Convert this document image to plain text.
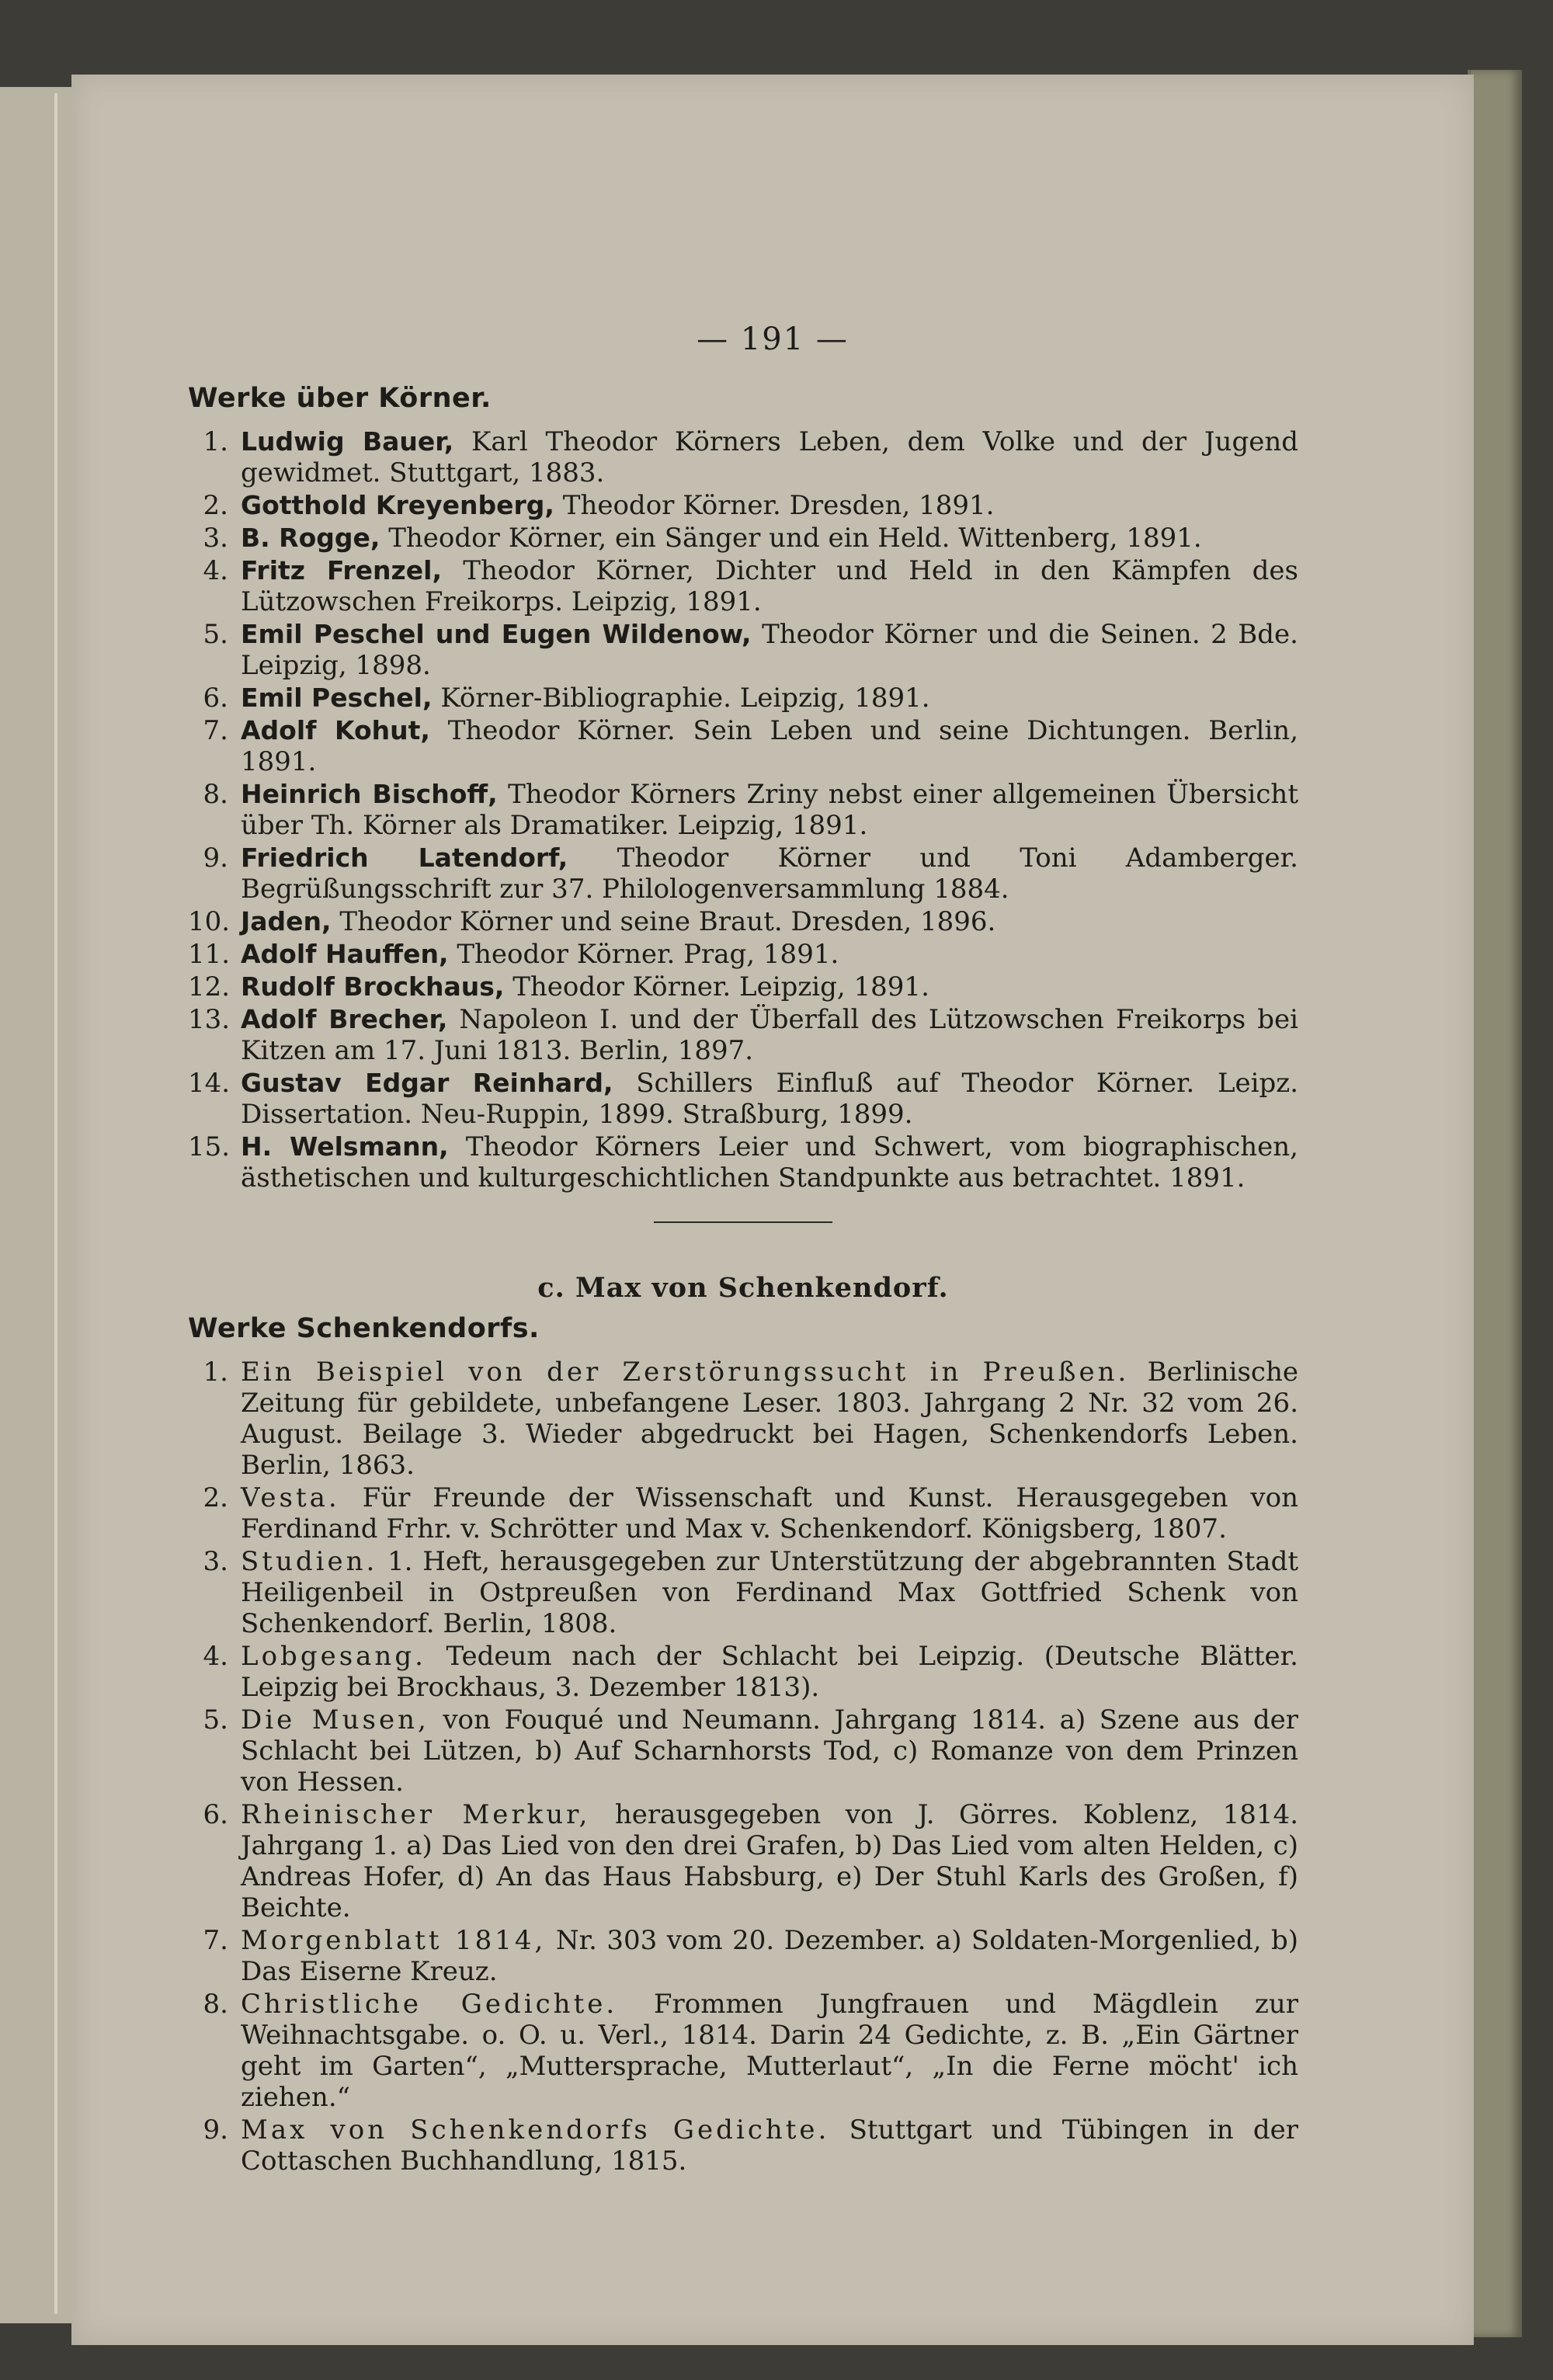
— 191 —
Werke über Körner.
1. Ludwig Bauer, Karl Theodor Körners Leben, dem Volke und der Jugend gewidmet. Stuttgart, 1883.
2. Gotthold Kreyenberg, Theodor Körner. Dresden, 1891.
3. B. Rogge, Theodor Körner, ein Sänger und ein Held. Wittenberg, 1891.
4. Fritz Frenzel, Theodor Körner, Dichter und Held in den Kämpfen des Lützowschen Freikorps. Leipzig, 1891.
5. Emil Peschel und Eugen Wildenow, Theodor Körner und die Seinen. 2 Bde. Leipzig, 1898.
6. Emil Peschel, Körner-Bibliographie. Leipzig, 1891.
7. Adolf Kohut, Theodor Körner. Sein Leben und seine Dichtungen. Berlin, 1891.
8. Heinrich Bischoff, Theodor Körners Zriny nebst einer allgemeinen Übersicht über Th. Körner als Dramatiker. Leipzig, 1891.
9. Friedrich Latendorf, Theodor Körner und Toni Adamberger. Begrüßungsschrift zur 37. Philologenversammlung 1884.
10. Jaden, Theodor Körner und seine Braut. Dresden, 1896.
11. Adolf Hauffen, Theodor Körner. Prag, 1891.
12. Rudolf Brockhaus, Theodor Körner. Leipzig, 1891.
13. Adolf Brecher, Napoleon I. und der Überfall des Lützowschen Freikorps bei Kitzen am 17. Juni 1813. Berlin, 1897.
14. Gustav Edgar Reinhard, Schillers Einfluß auf Theodor Körner. Leipz. Dissertation. Neu-Ruppin, 1899. Straßburg, 1899.
15. H. Welsmann, Theodor Körners Leier und Schwert, vom biographischen, ästhetischen und kulturgeschichtlichen Standpunkte aus betrachtet. 1891.
c. Max von Schenkendorf.
Werke Schenkendorfs.
1. Ein Beispiel von der Zerstörungssucht in Preußen. Berlinische Zeitung für gebildete, unbefangene Leser. 1803. Jahrgang 2 Nr. 32 vom 26. August. Beilage 3. Wieder abgedruckt bei Hagen, Schenkendorfs Leben. Berlin, 1863.
2. Vesta. Für Freunde der Wissenschaft und Kunst. Herausgegeben von Ferdinand Frhr. v. Schrötter und Max v. Schenkendorf. Königsberg, 1807.
3. Studien. 1. Heft, herausgegeben zur Unterstützung der abgebrannten Stadt Heiligenbeil in Ostpreußen von Ferdinand Max Gottfried Schenk von Schenkendorf. Berlin, 1808.
4. Lobgesang. Tedeum nach der Schlacht bei Leipzig. (Deutsche Blätter. Leipzig bei Brockhaus, 3. Dezember 1813).
5. Die Musen, von Fouqué und Neumann. Jahrgang 1814. a) Szene aus der Schlacht bei Lützen, b) Auf Scharnhorsts Tod, c) Romanze von dem Prinzen von Hessen.
6. Rheinischer Merkur, herausgegeben von J. Görres. Koblenz, 1814. Jahrgang 1. a) Das Lied von den drei Grafen, b) Das Lied vom alten Helden, c) Andreas Hofer, d) An das Haus Habsburg, e) Der Stuhl Karls des Großen, f) Beichte.
7. Morgenblatt 1814, Nr. 303 vom 20. Dezember. a) Soldaten-Morgenlied, b) Das Eiserne Kreuz.
8. Christliche Gedichte. Frommen Jungfrauen und Mägdlein zur Weihnachtsgabe. o. O. u. Verl., 1814. Darin 24 Gedichte, z. B. „Ein Gärtner geht im Garten“, „Muttersprache, Mutterlaut“, „In die Ferne möcht' ich ziehen.“
9. Max von Schenkendorfs Gedichte. Stuttgart und Tübingen in der Cottaschen Buchhandlung, 1815.
